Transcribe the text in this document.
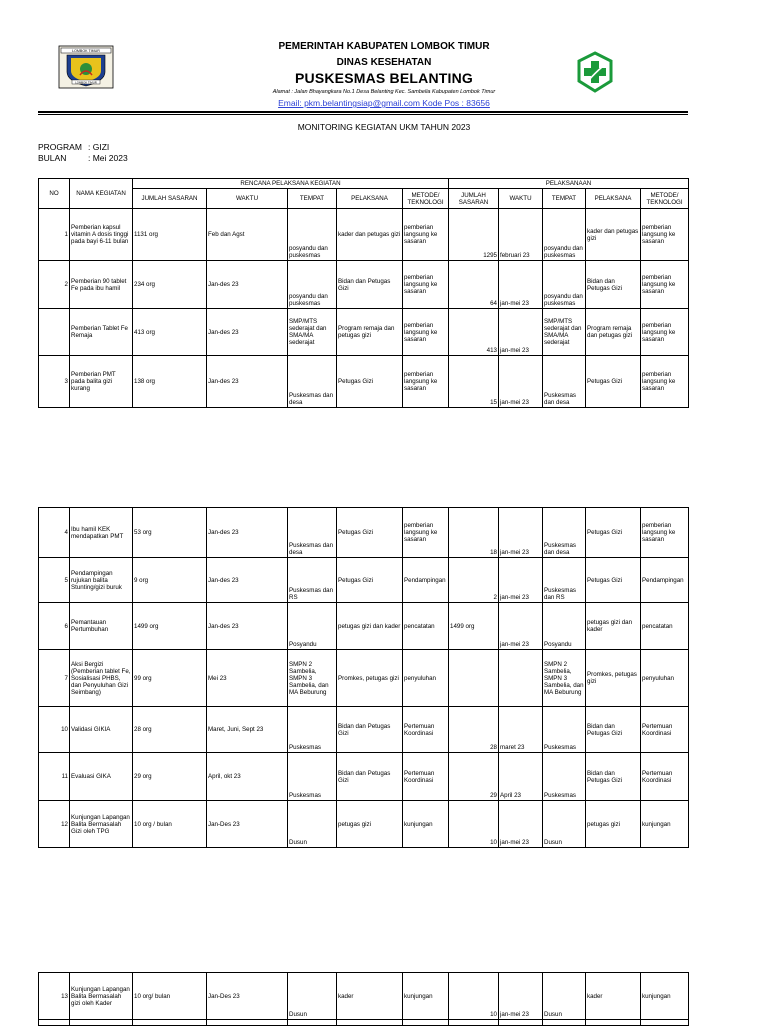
LOMBOK TIMUR
LOMBOK TIMUR
PEMERINTAH KABUPATEN LOMBOK TIMUR
DINAS KESEHATAN
PUSKESMAS BELANTING
Alamat : Jalan Bhayangkara No.1 Desa Belanting Kec. Sambelia Kabupaten Lombok Timur
Email: pkm.belantingsiap@gmail.com Kode Pos : 83656
MONITORING KEGIATAN UKM TAHUN 2023
PROGRAM : GIZI
BULAN	: Mei 2023
NO	NAMA KEGIATAN	RENCANA PELAKSANA KEGIATAN					PELAKSANAAN				
		JUMLAH SASARAN	WAKTU	TEMPAT	PELAKSANA	METODE/ TEKNOLOGI	JUMLAH SASARAN	WAKTU	TEMPAT	PELAKSANA	METODE/ TEKNOLOGI
1	Pemberian kapsul vitamin A dosis tinggi pada bayi 6-11 bulan	1131 org	Feb dan Agst	posyandu dan puskesmas	kader dan petugas gizi	pemberian langsung ke sasaran	1295	februari 23	posyandu dan puskesmas	kader dan petugas gizi	pemberian langsung ke sasaran
2	Pemberian 90 tablet Fe pada ibu hamil	234 org	Jan-des 23	posyandu dan puskesmas	Bidan dan Petugas Gizi	pemberian langsung ke sasaran	64	jan-mei 23	posyandu dan puskesmas	Bidan dan Petugas Gizi	pemberian langsung ke sasaran
	Pemberian Tablet Fe Remaja	413 org	Jan-des 23	SMP/MTS sederajat dan SMA/MA sederajat	Program remaja dan petugas gizi	pemberian langsung ke sasaran	413	jan-mei 23	SMP/MTS sederajat dan SMA/MA sederajat	Program remaja dan petugas gizi	pemberian langsung ke sasaran
3	Pemberian PMT pada balita gizi kurang	138 org	Jan-des 23	Puskesmas dan desa	Petugas Gizi	pemberian langsung ke sasaran	15	jan-mei 23	Puskesmas dan desa	Petugas Gizi	pemberian langsung ke sasaran
4	Ibu hamil KEK mendapatkan PMT	53 org	Jan-des 23	Puskesmas dan desa	Petugas Gizi	pemberian langsung ke sasaran	18	jan-mei 23	Puskesmas dan desa	Petugas Gizi	pemberian langsung ke sasaran
5	Pendampingan rujukan balita Stunting/gizi buruk	9 org	Jan-des 23	Puskesmas dan RS	Petugas Gizi	Pendampingan	2	jan-mei 23	Puskesmas dan RS	Petugas Gizi	Pendampingan
6	Pemantauan Pertumbuhan	1499 org	Jan-des 23	Posyandu	petugas gizi dan kader	pencatatan	1499 org	jan-mei 23	Posyandu	petugas gizi dan kader	pencatatan
7	Aksi Bergizi (Pemberian tablet Fe, Sosialisasi PHBS, dan Penyuluhan Gizi Seimbang)	99 org	Mei 23	SMPN 2 Sambelia, SMPN 3 Sambelia, dan MA Beburung	Promkes, petugas gizi	penyuluhan			SMPN 2 Sambelia, SMPN 3 Sambelia, dan MA Beburung	Promkes, petugas gizi	penyuluhan
10	Validasi GIKIA	28 org	Maret, Juni, Sept 23	Puskesmas	Bidan dan Petugas Gizi	Pertemuan Koordinasi	28	maret 23	Puskesmas	Bidan dan Petugas Gizi	Pertemuan Koordinasi
11	Evaluasi GIKA	29 org	April, okt 23	Puskesmas	Bidan dan Petugas Gizi	Pertemuan Koordinasi	29	April 23	Puskesmas	Bidan dan Petugas Gizi	Pertemuan Koordinasi
12	Kunjungan Lapangan Balita Bermasalah Gizi oleh TPG	10 org / bulan	Jan-Des 23	Dusun	petugas gizi	kunjungan	10	jan-mei 23	Dusun	petugas gizi	kunjungan
13	Kunjungan Lapangan Balita Bermasalah gizi oleh Kader	10 org/ bulan	Jan-Des 23	Dusun	kader	kunjungan	10	jan-mei 23	Dusun	kader	kunjungan
